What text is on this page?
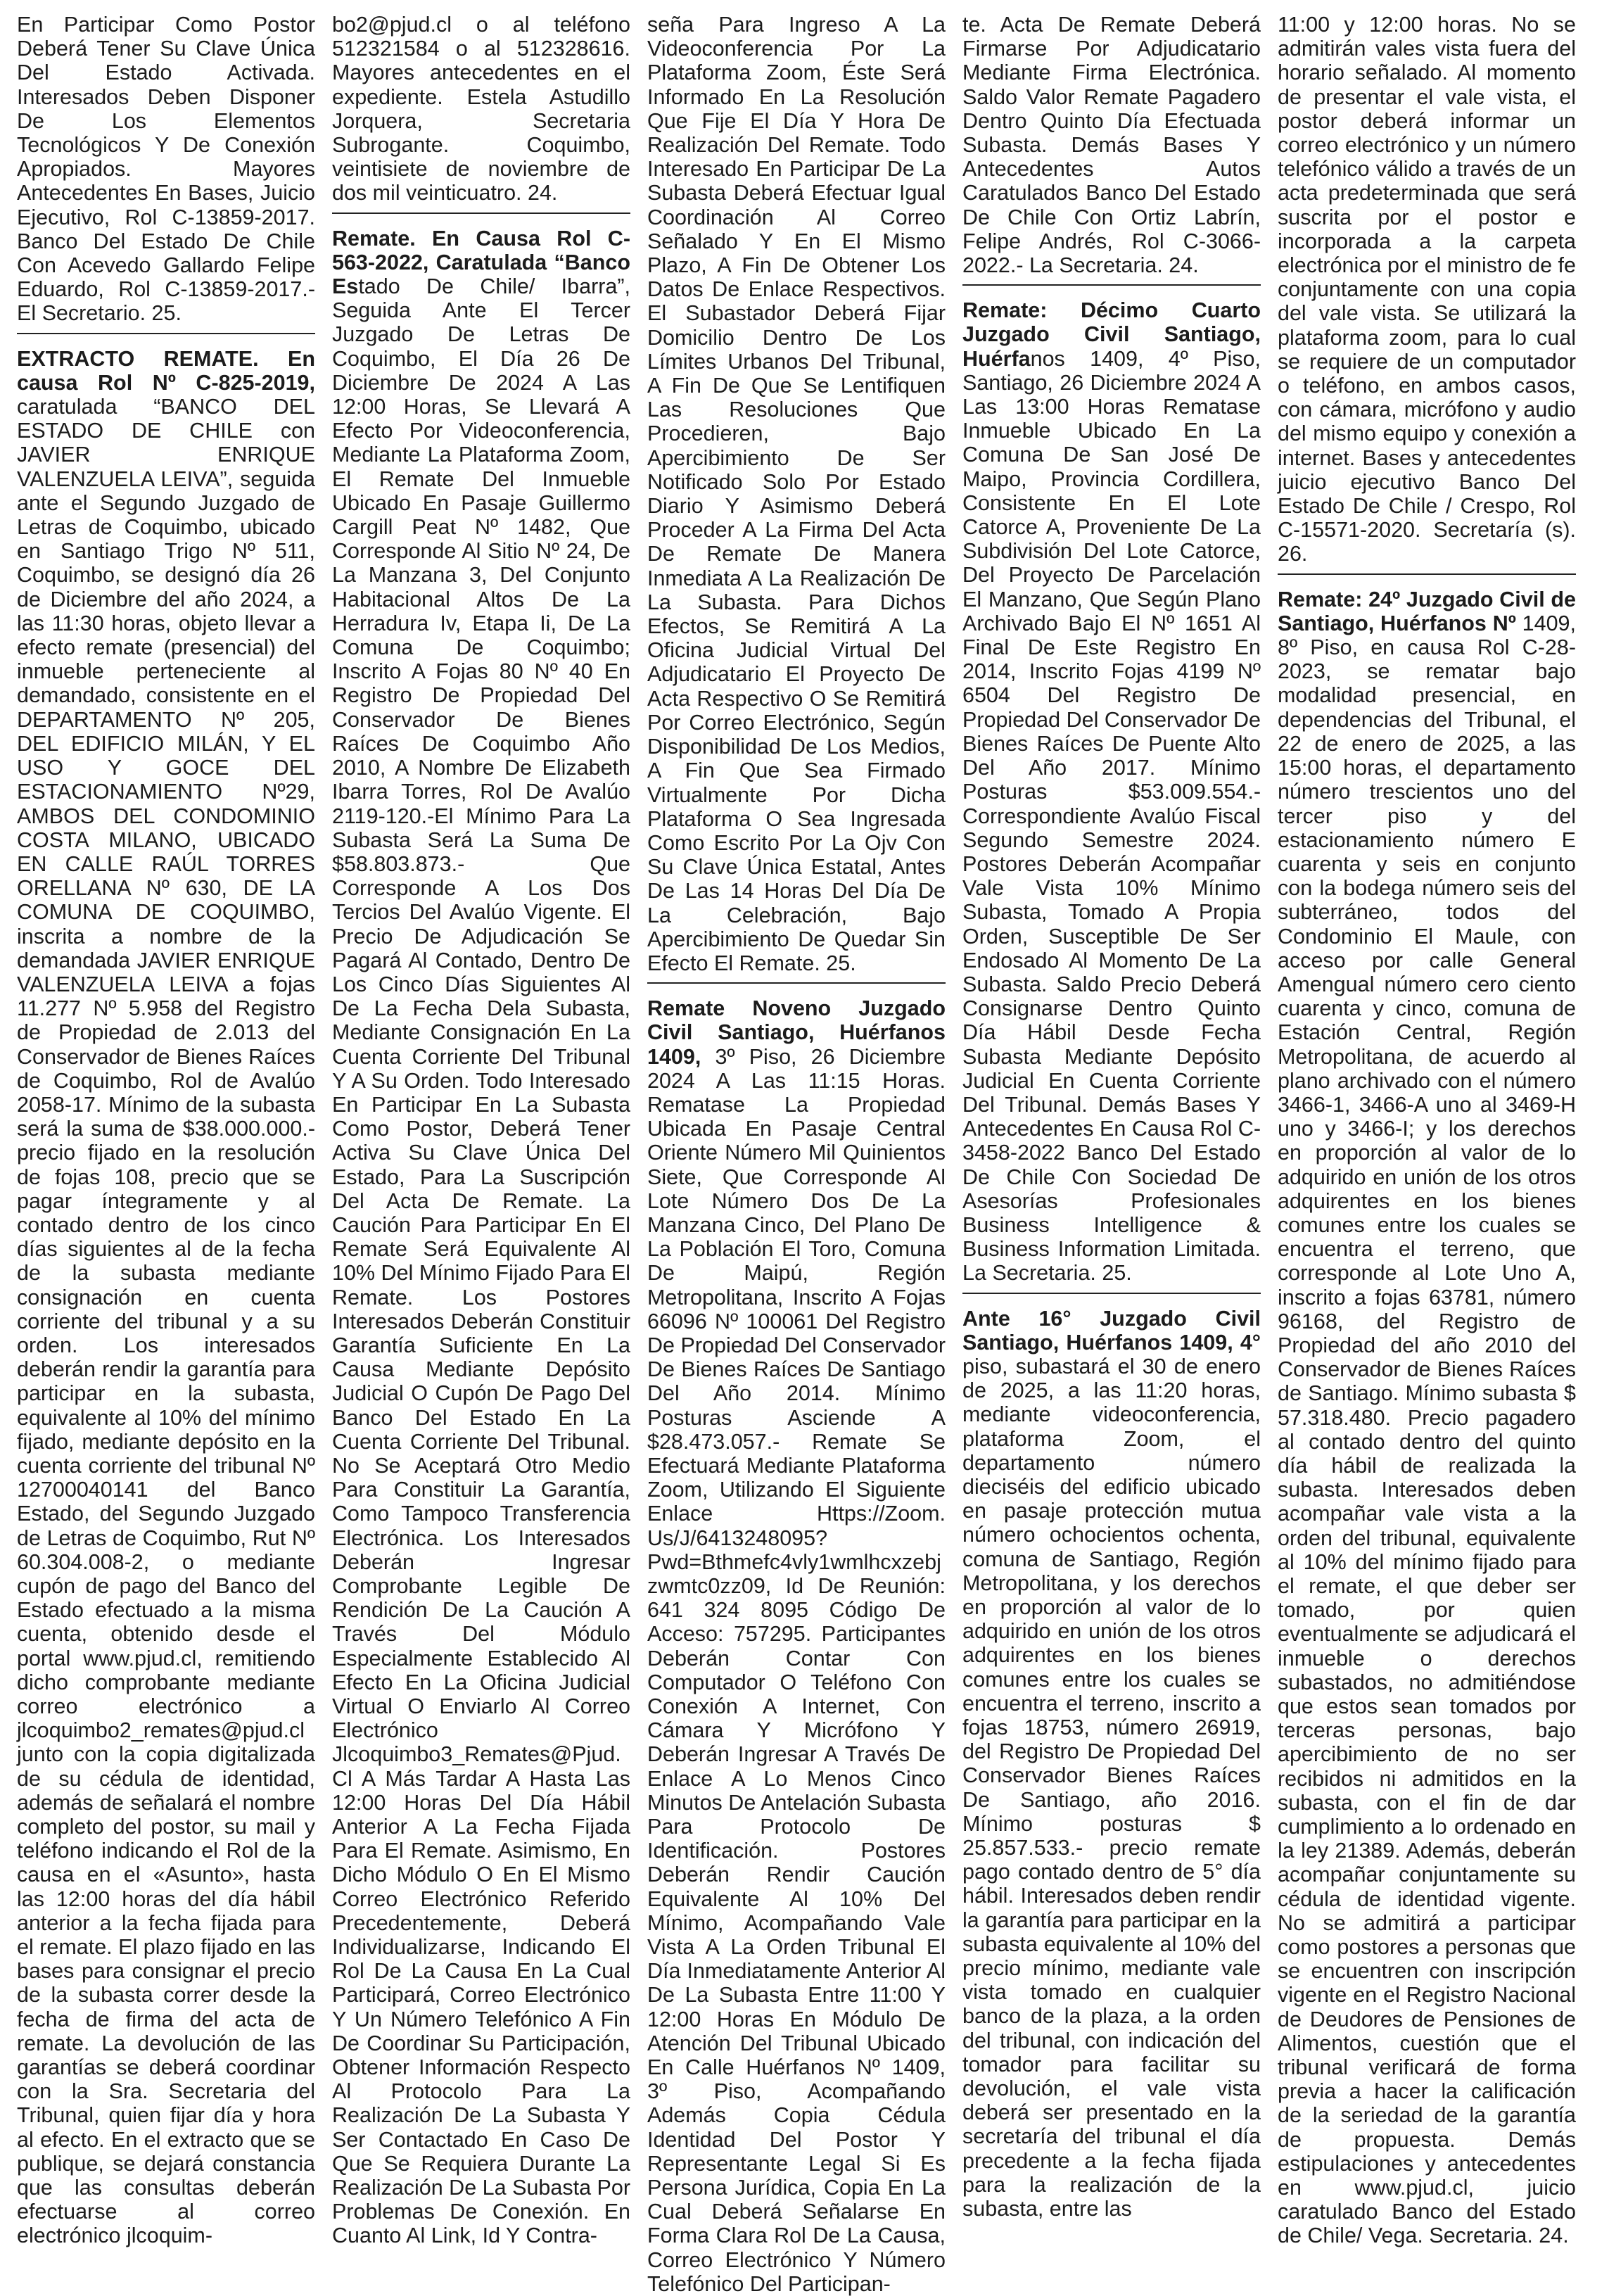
En Participar Como Postor Deberá Tener Su Clave Única Del Estado Activada. Interesados Deben Disponer De Los Elementos Tecnológicos Y De Conexión Apropiados. Mayores Antecedentes En Bases, Juicio Ejecutivo, Rol C-13859-2017. Banco Del Estado De Chile Con Acevedo Gallardo Felipe Eduardo, Rol C-13859-2017.- El Secretario. 25.

EXTRACTO REMATE. En causa Rol Nº C-825-2019, caratulada “BANCO DEL ESTADO DE CHILE con JAVIER ENRIQUE VALENZUELA LEIVA”, seguida ante el Segundo Juzgado de Letras de Coquimbo, ubicado en Santiago Trigo Nº 511, Coquimbo, se designó día 26 de Diciembre del año 2024, a las 11:30 horas, objeto llevar a efecto remate (presencial) del inmueble perteneciente al demandado, consistente en el DEPARTAMENTO Nº 205, DEL EDIFICIO MILÁN, Y EL USO Y GOCE DEL ESTACIONAMIENTO Nº29, AMBOS DEL CONDOMINIO COSTA MILANO, UBICADO EN CALLE RAÚL TORRES ORELLANA Nº 630, DE LA COMUNA DE COQUIMBO, inscrita a nombre de la demandada JAVIER ENRIQUE VALENZUELA LEIVA a fojas 11.277 Nº 5.958 del Registro de Propiedad de 2.013 del Conservador de Bienes Raíces de Coquimbo, Rol de Avalúo 2058-17. Mínimo de la subasta será la suma de $38.000.000.- precio fijado en la resolución de fojas 108, precio que se pagar íntegramente y al contado dentro de los cinco días siguientes al de la fecha de la subasta mediante consignación en cuenta corriente del tribunal y a su orden. Los interesados deberán rendir la garantía para participar en la subasta, equivalente al 10% del mínimo fijado, mediante depósito en la cuenta corriente del tribunal Nº 12700040141 del Banco Estado, del Segundo Juzgado de Letras de Coquimbo, Rut Nº 60.304.008-2, o mediante cupón de pago del Banco del Estado efectuado a la misma cuenta, obtenido desde el portal www.pjud.cl, remitiendo dicho comprobante mediante correo electrónico a jlcoquimbo2_remates@pjud.cl junto con la copia digitalizada de su cédula de identidad, además de señalará el nombre completo del postor, su mail y teléfono indicando el Rol de la causa en el «Asunto», hasta las 12:00 horas del día hábil anterior a la fecha fijada para el remate. El plazo fijado en las bases para consignar el precio de la subasta correr desde la fecha de firma del acta de remate. La devolución de las garantías se deberá coordinar con la Sra. Secretaria del Tribunal, quien fijar día y hora al efecto. En el extracto que se publique, se dejará constancia que las consultas deberán efectuarse al correo electrónico jlcoquim-

bo2@pjud.cl o al teléfono 512321584 o al 512328616. Mayores antecedentes en el expediente. Estela Astudillo Jorquera, Secretaria Subrogante. Coquimbo, veintisiete de noviembre de dos mil veinticuatro. 24.

Remate. En Causa Rol C-563-2022, Caratulada “Banco Estado De Chile/ Ibarra”, Seguida Ante El Tercer Juzgado De Letras De Coquimbo, El Día 26 De Diciembre De 2024 A Las 12:00 Horas, Se Llevará A Efecto Por Videoconferencia, Mediante La Plataforma Zoom, El Remate Del Inmueble Ubicado En Pasaje Guillermo Cargill Peat Nº 1482, Que Corresponde Al Sitio Nº 24, De La Manzana 3, Del Conjunto Habitacional Altos De La Herradura Iv, Etapa Ii, De La Comuna De Coquimbo; Inscrito A Fojas 80 Nº 40 En Registro De Propiedad Del Conservador De Bienes Raíces De Coquimbo Año 2010, A Nombre De Elizabeth Ibarra Torres, Rol De Avalúo 2119-120.-El Mínimo Para La Subasta Será La Suma De $58.803.873.- Que Corresponde A Los Dos Tercios Del Avalúo Vigente. El Precio De Adjudicación Se Pagará Al Contado, Dentro De Los Cinco Días Siguientes Al De La Fecha Dela Subasta, Mediante Consignación En La Cuenta Corriente Del Tribunal Y A Su Orden. Todo Interesado En Participar En La Subasta Como Postor, Deberá Tener Activa Su Clave Única Del Estado, Para La Suscripción Del Acta De Remate. La Caución Para Participar En El Remate Será Equivalente Al 10% Del Mínimo Fijado Para El Remate. Los Postores Interesados Deberán Constituir Garantía Suficiente En La Causa Mediante Depósito Judicial O Cupón De Pago Del Banco Del Estado En La Cuenta Corriente Del Tribunal. No Se Aceptará Otro Medio Para Constituir La Garantía, Como Tampoco Transferencia Electrónica. Los Interesados Deberán Ingresar Comprobante Legible De Rendición De La Caución A Través Del Módulo Especialmente Establecido Al Efecto En La Oficina Judicial Virtual O Enviarlo Al Correo Electrónico Jlcoquimbo3_Remates@Pjud.Cl A Más Tardar A Hasta Las 12:00 Horas Del Día Hábil Anterior A La Fecha Fijada Para El Remate. Asimismo, En Dicho Módulo O En El Mismo Correo Electrónico Referido Precedentemente, Deberá Individualizarse, Indicando El Rol De La Causa En La Cual Participará, Correo Electrónico Y Un Número Telefónico A Fin De Coordinar Su Participación, Obtener Información Respecto Al Protocolo Para La Realización De La Subasta Y Ser Contactado En Caso De Que Se Requiera Durante La Realización De La Subasta Por Problemas De Conexión. En Cuanto Al Link, Id Y Contra-

seña Para Ingreso A La Videoconferencia Por La Plataforma Zoom, Éste Será Informado En La Resolución Que Fije El Día Y Hora De Realización Del Remate. Todo Interesado En Participar De La Subasta Deberá Efectuar Igual Coordinación Al Correo Señalado Y En El Mismo Plazo, A Fin De Obtener Los Datos De Enlace Respectivos. El Subastador Deberá Fijar Domicilio Dentro De Los Límites Urbanos Del Tribunal, A Fin De Que Se Lentifiquen Las Resoluciones Que Procedieren, Bajo Apercibimiento De Ser Notificado Solo Por Estado Diario Y Asimismo Deberá Proceder A La Firma Del Acta De Remate De Manera Inmediata A La Realización De La Subasta. Para Dichos Efectos, Se Remitirá A La Oficina Judicial Virtual Del Adjudicatario El Proyecto De Acta Respectivo O Se Remitirá Por Correo Electrónico, Según Disponibilidad De Los Medios, A Fin Que Sea Firmado Virtualmente Por Dicha Plataforma O Sea Ingresada Como Escrito Por La Ojv Con Su Clave Única Estatal, Antes De Las 14 Horas Del Día De La Celebración, Bajo Apercibimiento De Quedar Sin Efecto El Remate. 25.

Remate Noveno Juzgado Civil Santiago, Huérfanos 1409, 3º Piso, 26 Diciembre 2024 A Las 11:15 Horas. Rematase La Propiedad Ubicada En Pasaje Central Oriente Número Mil Quinientos Siete, Que Corresponde Al Lote Número Dos De La Manzana Cinco, Del Plano De La Población El Toro, Comuna De Maipú, Región Metropolitana, Inscrito A Fojas 66096 Nº 100061 Del Registro De Propiedad Del Conservador De Bienes Raíces De Santiago Del Año 2014. Mínimo Posturas Asciende A $28.473.057.- Remate Se Efectuará Mediante Plataforma Zoom, Utilizando El Siguiente Enlace Https://Zoom. Us/J/6413248095?Pwd=Bthmefc4vly1wmlhcxzebjzwmtc0zz09, Id De Reunión: 641 324 8095 Código De Acceso: 757295. Participantes Deberán Contar Con Computador O Teléfono Con Conexión A Internet, Con Cámara Y Micrófono Y Deberán Ingresar A Través De Enlace A Lo Menos Cinco Minutos De Antelación Subasta Para Protocolo De Identificación. Postores Deberán Rendir Caución Equivalente Al 10% Del Mínimo, Acompañando Vale Vista A La Orden Tribunal El Día Inmediatamente Anterior Al De La Subasta Entre 11:00 Y 12:00 Horas En Módulo De Atención Del Tribunal Ubicado En Calle Huérfanos Nº 1409, 3º Piso, Acompañando Además Copia Cédula Identidad Del Postor Y Representante Legal Si Es Persona Jurídica, Copia En La Cual Deberá Señalarse En Forma Clara Rol De La Causa, Correo Electrónico Y Número Telefónico Del Participan-

te. Acta De Remate Deberá Firmarse Por Adjudicatario Mediante Firma Electrónica. Saldo Valor Remate Pagadero Dentro Quinto Día Efectuada Subasta. Demás Bases Y Antecedentes Autos Caratulados Banco Del Estado De Chile Con Ortiz Labrín, Felipe Andrés, Rol C-3066-2022.- La Secretaria. 24.

Remate: Décimo Cuarto Juzgado Civil Santiago, Huérfanos 1409, 4º Piso, Santiago, 26 Diciembre 2024 A Las 13:00 Horas Rematase Inmueble Ubicado En La Comuna De San José De Maipo, Provincia Cordillera, Consistente En El Lote Catorce A, Proveniente De La Subdivisión Del Lote Catorce, Del Proyecto De Parcelación El Manzano, Que Según Plano Archivado Bajo El Nº 1651 Al Final De Este Registro En 2014, Inscrito Fojas 4199 Nº 6504 Del Registro De Propiedad Del Conservador De Bienes Raíces De Puente Alto Del Año 2017. Mínimo Posturas $53.009.554.- Correspondiente Avalúo Fiscal Segundo Semestre 2024. Postores Deberán Acompañar Vale Vista 10% Mínimo Subasta, Tomado A Propia Orden, Susceptible De Ser Endosado Al Momento De La Subasta. Saldo Precio Deberá Consignarse Dentro Quinto Día Hábil Desde Fecha Subasta Mediante Depósito Judicial En Cuenta Corriente Del Tribunal. Demás Bases Y Antecedentes En Causa Rol C-3458-2022 Banco Del Estado De Chile Con Sociedad De Asesorías Profesionales Business Intelligence & Business Information Limitada. La Secretaria. 25.

Ante 16° Juzgado Civil Santiago, Huérfanos 1409, 4° piso, subastará el 30 de enero de 2025, a las 11:20 horas, mediante videoconferencia, plataforma Zoom, el departamento número dieciséis del edificio ubicado en pasaje protección mutua número ochocientos ochenta, comuna de Santiago, Región Metropolitana, y los derechos en proporción al valor de lo adquirido en unión de los otros adquirentes en los bienes comunes entre los cuales se encuentra el terreno, inscrito a fojas 18753, número 26919, del Registro De Propiedad Del Conservador Bienes Raíces De Santiago, año 2016. Mínimo posturas $ 25.857.533.- precio remate pago contado dentro de 5° día hábil. Interesados deben rendir la garantía para participar en la subasta equivalente al 10% del precio mínimo, mediante vale vista tomado en cualquier banco de la plaza, a la orden del tribunal, con indicación del tomador para facilitar su devolución, el vale vista deberá ser presentado en la secretaría del tribunal el día precedente a la fecha fijada para la realización de la subasta, entre las

11:00 y 12:00 horas. No se admitirán vales vista fuera del horario señalado. Al momento de presentar el vale vista, el postor deberá informar un correo electrónico y un número telefónico válido a través de un acta predeterminada que será suscrita por el postor e incorporada a la carpeta electrónica por el ministro de fe conjuntamente con una copia del vale vista. Se utilizará la plataforma zoom, para lo cual se requiere de un computador o teléfono, en ambos casos, con cámara, micrófono y audio del mismo equipo y conexión a internet. Bases y antecedentes juicio ejecutivo Banco Del Estado De Chile / Crespo, Rol C-15571-2020. Secretaría (s). 26.

Remate: 24º Juzgado Civil de Santiago, Huérfanos Nº 1409, 8º Piso, en causa Rol C-28-2023, se rematar bajo modalidad presencial, en dependencias del Tribunal, el 22 de enero de 2025, a las 15:00 horas, el departamento número trescientos uno del tercer piso y del estacionamiento número E cuarenta y seis en conjunto con la bodega número seis del subterráneo, todos del Condominio El Maule, con acceso por calle General Amengual número cero ciento cuarenta y cinco, comuna de Estación Central, Región Metropolitana, de acuerdo al plano archivado con el número 3466-1, 3466-A uno al 3469-H uno y 3466-I; y los derechos en proporción al valor de lo adquirido en unión de los otros adquirentes en los bienes comunes entre los cuales se encuentra el terreno, que corresponde al Lote Uno A, inscrito a fojas 63781, número 96168, del Registro de Propiedad del año 2010 del Conservador de Bienes Raíces de Santiago. Mínimo subasta $ 57.318.480. Precio pagadero al contado dentro del quinto día hábil de realizada la subasta. Interesados deben acompañar vale vista a la orden del tribunal, equivalente al 10% del mínimo fijado para el remate, el que deber ser tomado, por quien eventualmente se adjudicará el inmueble o derechos subastados, no admitiéndose que estos sean tomados por terceras personas, bajo apercibimiento de no ser recibidos ni admitidos en la subasta, con el fin de dar cumplimiento a lo ordenado en la ley 21389. Además, deberán acompañar conjuntamente su cédula de identidad vigente. No se admitirá a participar como postores a personas que se encuentren con inscripción vigente en el Registro Nacional de Deudores de Pensiones de Alimentos, cuestión que el tribunal verificará de forma previa a hacer la calificación de la seriedad de la garantía de propuesta. Demás estipulaciones y antecedentes en www.pjud.cl, juicio caratulado Banco del Estado de Chile/ Vega. Secretaria. 24.
